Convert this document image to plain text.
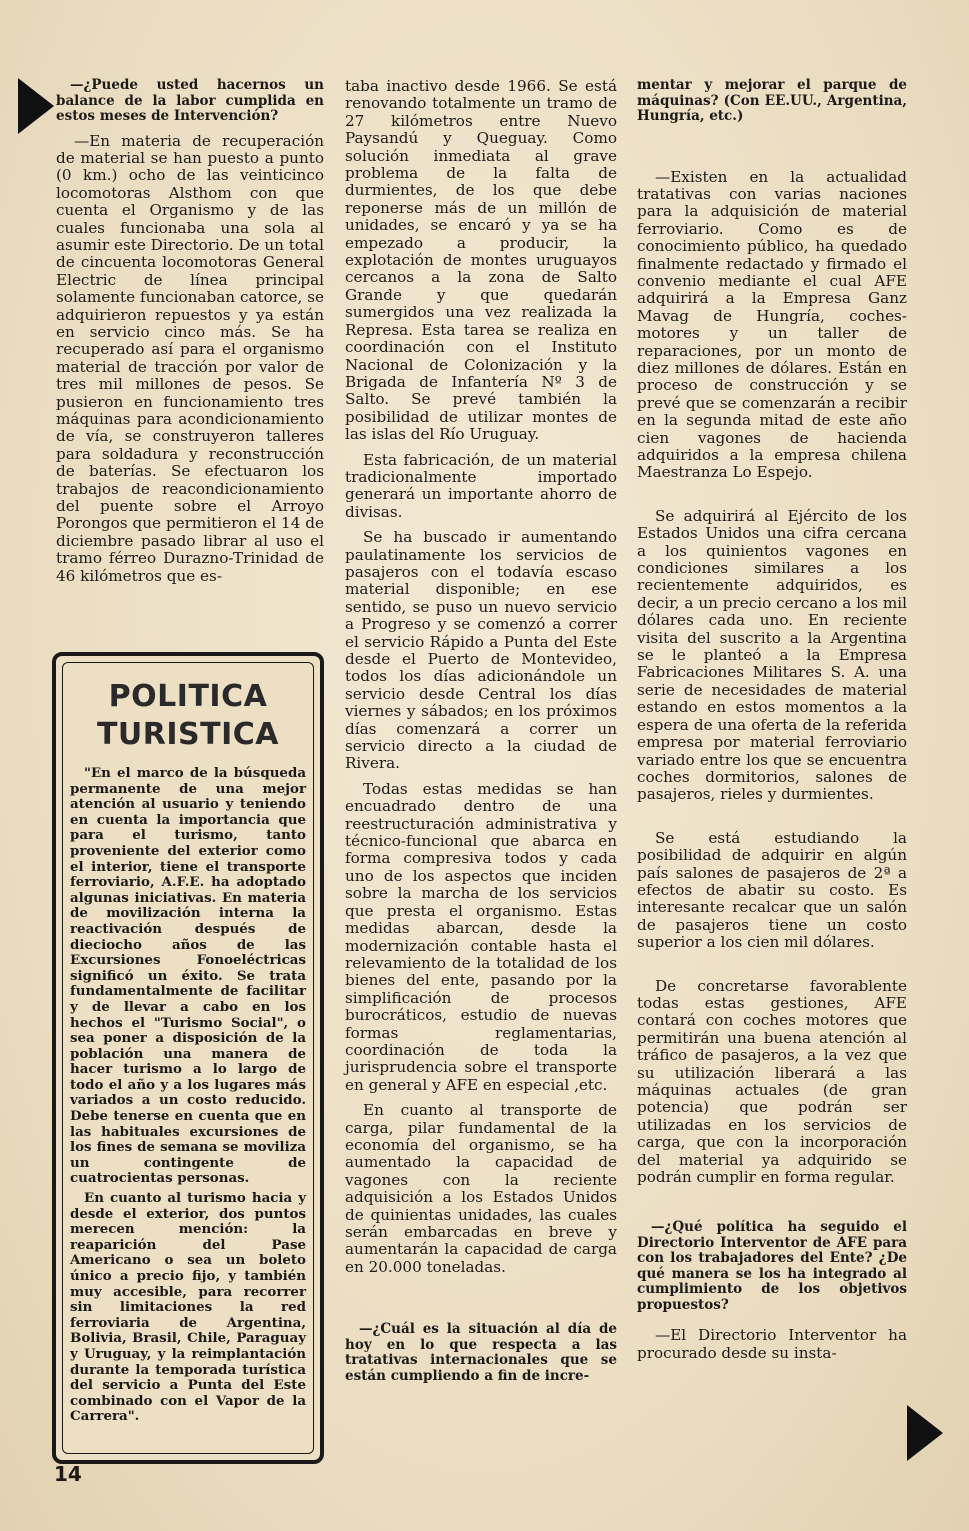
—¿Puede usted hacernos un balance de la labor cumplida en estos meses de Intervención?

—En materia de recuperación de material se han puesto a punto (0 km.) ocho de las veinticinco locomotoras Alsthom con que cuenta el Organismo y de las cuales funcionaba una sola al asumir este Directorio. De un total de cincuenta locomotoras General Electric de línea principal solamente funcionaban catorce, se adquirieron repuestos y ya están en servicio cinco más. Se ha recuperado así para el organismo material de tracción por valor de tres mil millones de pesos. Se pusieron en funcionamiento tres máquinas para acondicionamiento de vía, se construyeron talleres para soldadura y reconstrucción de baterías. Se efectuaron los trabajos de reacondicionamiento del puente sobre el Arroyo Porongos que permitieron el 14 de diciembre pasado librar al uso el tramo férreo Durazno-Trinidad de 46 kilómetros que es-

POLITICA
TURISTICA

"En el marco de la búsqueda permanente de una mejor atención al usuario y teniendo en cuenta la importancia que para el turismo, tanto proveniente del exterior como el interior, tiene el transporte ferroviario, A.F.E. ha adoptado algunas iniciativas. En materia de movilización interna la reactivación después de dieciocho años de las Excursiones Fonoeléctricas significó un éxito. Se trata fundamentalmente de facilitar y de llevar a cabo en los hechos el "Turismo Social", o sea poner a disposición de la población una manera de hacer turismo a lo largo de todo el año y a los lugares más variados a un costo reducido. Debe tenerse en cuenta que en las habituales excursiones de los fines de semana se moviliza un contingente de cuatrocientas personas.

En cuanto al turismo hacia y desde el exterior, dos puntos merecen mención: la reaparición del Pase Americano o sea un boleto único a precio fijo, y también muy accesible, para recorrer sin limitaciones la red ferroviaria de Argentina, Bolivia, Brasil, Chile, Paraguay y Uruguay, y la reimplantación durante la temporada turística del servicio a Punta del Este combinado con el Vapor de la Carrera".

taba inactivo desde 1966. Se está renovando totalmente un tramo de 27 kilómetros entre Nuevo Paysandú y Queguay. Como solución inmediata al grave problema de la falta de durmientes, de los que debe reponerse más de un millón de unidades, se encaró y ya se ha empezado a producir, la explotación de montes uruguayos cercanos a la zona de Salto Grande y que quedarán sumergidos una vez realizada la Represa. Esta tarea se realiza en coordinación con el Instituto Nacional de Colonización y la Brigada de Infantería Nº 3 de Salto. Se prevé también la posibilidad de utilizar montes de las islas del Río Uruguay.

Esta fabricación, de un material tradicionalmente importado generará un importante ahorro de divisas.

Se ha buscado ir aumentando paulatinamente los servicios de pasajeros con el todavía escaso material disponible; en ese sentido, se puso un nuevo servicio a Progreso y se comenzó a correr el servicio Rápido a Punta del Este desde el Puerto de Montevideo, todos los días adicionándole un servicio desde Central los días viernes y sábados; en los próximos días comenzará a correr un servicio directo a la ciudad de Rivera.

Todas estas medidas se han encuadrado dentro de una reestructuración administrativa y técnico-funcional que abarca en forma compresiva todos y cada uno de los aspectos que inciden sobre la marcha de los servicios que presta el organismo. Estas medidas abarcan, desde la modernización contable hasta el relevamiento de la totalidad de los bienes del ente, pasando por la simplificación de procesos burocráticos, estudio de nuevas formas reglamentarias, coordinación de toda la jurisprudencia sobre el transporte en general y AFE en especial ,etc.

En cuanto al transporte de carga, pilar fundamental de la economía del organismo, se ha aumentado la capacidad de vagones con la reciente adquisición a los Estados Unidos de quinientas unidades, las cuales serán embarcadas en breve y aumentarán la capacidad de carga en 20.000 toneladas.

—¿Cuál es la situación al día de hoy en lo que respecta a las tratativas internacionales que se están cumpliendo a fin de incre-

mentar y mejorar el parque de máquinas? (Con EE.UU., Argentina, Hungría, etc.)

—Existen en la actualidad tratativas con varias naciones para la adquisición de material ferroviario. Como es de conocimiento público, ha quedado finalmente redactado y firmado el convenio mediante el cual AFE adquirirá a la Empresa Ganz Mavag de Hungría, coches-motores y un taller de reparaciones, por un monto de diez millones de dólares. Están en proceso de construcción y se prevé que se comenzarán a recibir en la segunda mitad de este año cien vagones de hacienda adquiridos a la empresa chilena Maestranza Lo Espejo.

Se adquirirá al Ejército de los Estados Unidos una cifra cercana a los quinientos vagones en condiciones similares a los recientemente adquiridos, es decir, a un precio cercano a los mil dólares cada uno. En reciente visita del suscrito a la Argentina se le planteó a la Empresa Fabricaciones Militares S. A. una serie de necesidades de material estando en estos momentos a la espera de una oferta de la referida empresa por material ferroviario variado entre los que se encuentra coches dormitorios, salones de pasajeros, rieles y durmientes.

Se está estudiando la posibilidad de adquirir en algún país salones de pasajeros de 2ª a efectos de abatir su costo. Es interesante recalcar que un salón de pasajeros tiene un costo superior a los cien mil dólares.

De concretarse favorablente todas estas gestiones, AFE contará con coches motores que permitirán una buena atención al tráfico de pasajeros, a la vez que su utilización liberará a las máquinas actuales (de gran potencia) que podrán ser utilizadas en los servicios de carga, que con la incorporación del material ya adquirido se podrán cumplir en forma regular.

—¿Qué política ha seguido el Directorio Interventor de AFE para con los trabajadores del Ente? ¿De qué manera se los ha integrado al cumplimiento de los objetivos propuestos?

—El Directorio Interventor ha procurado desde su insta-

14
